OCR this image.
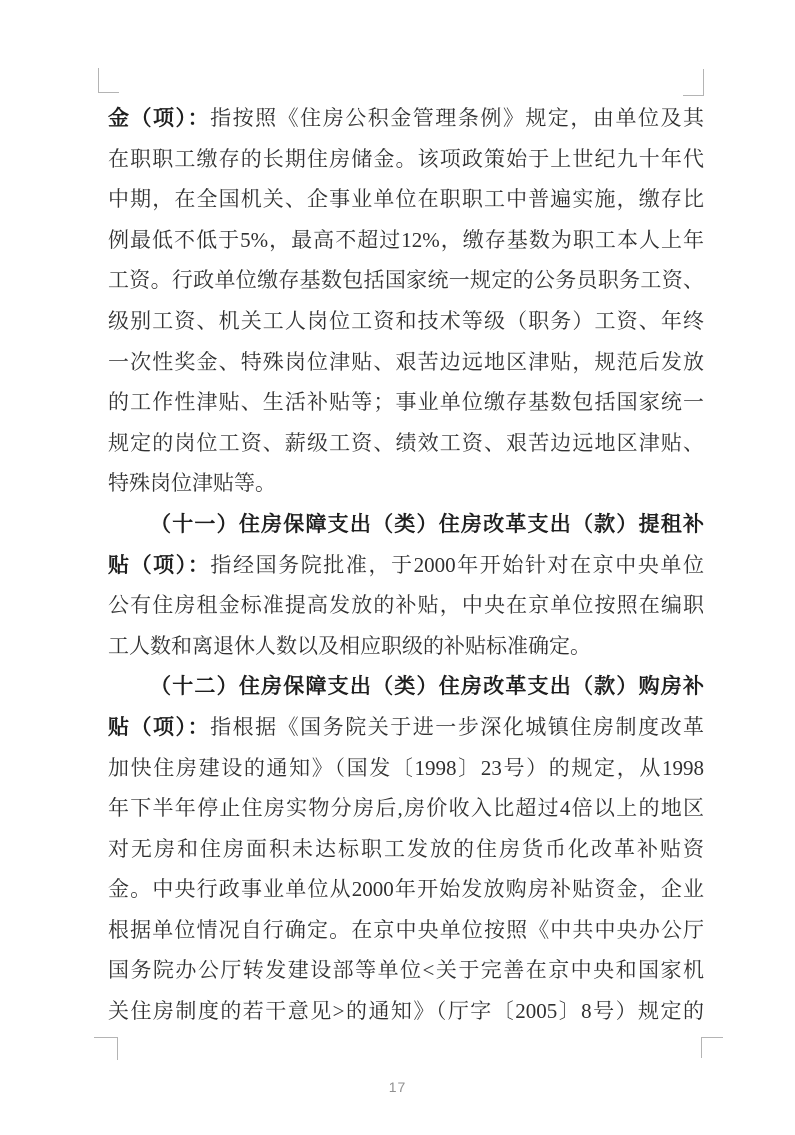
金（项）：指按照《住房公积金管理条例》规定，由单位及其
在职职工缴存的长期住房储金。该项政策始于上世纪九十年代
中期，在全国机关、企事业单位在职职工中普遍实施，缴存比
例最低不低于5%，最高不超过12%，缴存基数为职工本人上年
工资。行政单位缴存基数包括国家统一规定的公务员职务工资、
级别工资、机关工人岗位工资和技术等级（职务）工资、年终
一次性奖金、特殊岗位津贴、艰苦边远地区津贴，规范后发放
的工作性津贴、生活补贴等；事业单位缴存基数包括国家统一
规定的岗位工资、薪级工资、绩效工资、艰苦边远地区津贴、
特殊岗位津贴等。
（十一）住房保障支出（类）住房改革支出（款）提租补
贴（项）：指经国务院批准，于2000年开始针对在京中央单位
公有住房租金标准提高发放的补贴，中央在京单位按照在编职
工人数和离退休人数以及相应职级的补贴标准确定。
（十二）住房保障支出（类）住房改革支出（款）购房补
贴（项）：指根据《国务院关于进一步深化城镇住房制度改革
加快住房建设的通知》（国发〔1998〕23号）的规定，从1998
年下半年停止住房实物分房后,房价收入比超过4倍以上的地区
对无房和住房面积未达标职工发放的住房货币化改革补贴资
金。中央行政事业单位从2000年开始发放购房补贴资金，企业
根据单位情况自行确定。在京中央单位按照《中共中央办公厅
国务院办公厅转发建设部等单位<关于完善在京中央和国家机
关住房制度的若干意见>的通知》（厅字〔2005〕8号）规定的
17
